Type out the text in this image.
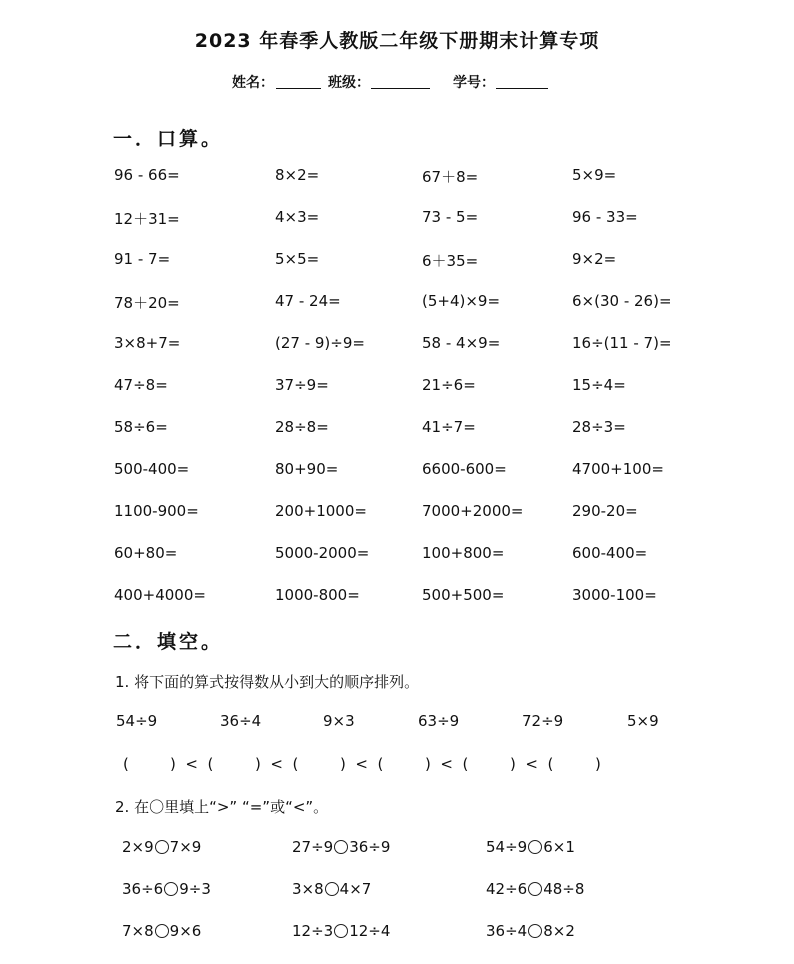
2023 年春季人教版二年级下册期末计算专项
姓名：	班级：	学号：
一．口算。
96 - 66=	8×2=	67＋8=	5×9=
12＋31=	4×3=	73 - 5=	96 - 33=
91 - 7=	5×5=	6＋35=	9×2=
78＋20=	47 - 24=	(5+4)×9=	6×(30 - 26)=
3×8+7=	(27 - 9)÷9=	58 - 4×9=	16÷(11 - 7)=
47÷8=	37÷9=	21÷6=	15÷4=
58÷6=	28÷8=	41÷7=	28÷3=
500-400=	80+90=	6600-600=	4700+100=
1100-900=	200+1000=	7000+2000=	290-20=
60+80=	5000-2000=	100+800=	600-400=
400+4000=	1000-800=	500+500=	3000-100=
二．填空。
1. 将下面的算式按得数从小到大的顺序排列。
54÷9	36÷4	9×3	63÷9	72÷9	5×9
(	)  <  (	)  <  (	)  <  (	)  <  (	)  <  (	)
2. 在〇里填上“>” “=”或“<”。
2×9 7×9	27÷9 36÷9	54÷9 6×1
36÷6 9÷3	3×8 4×7	42÷6 48÷8
7×8 9×6	12÷3 12÷4	36÷4 8×2
